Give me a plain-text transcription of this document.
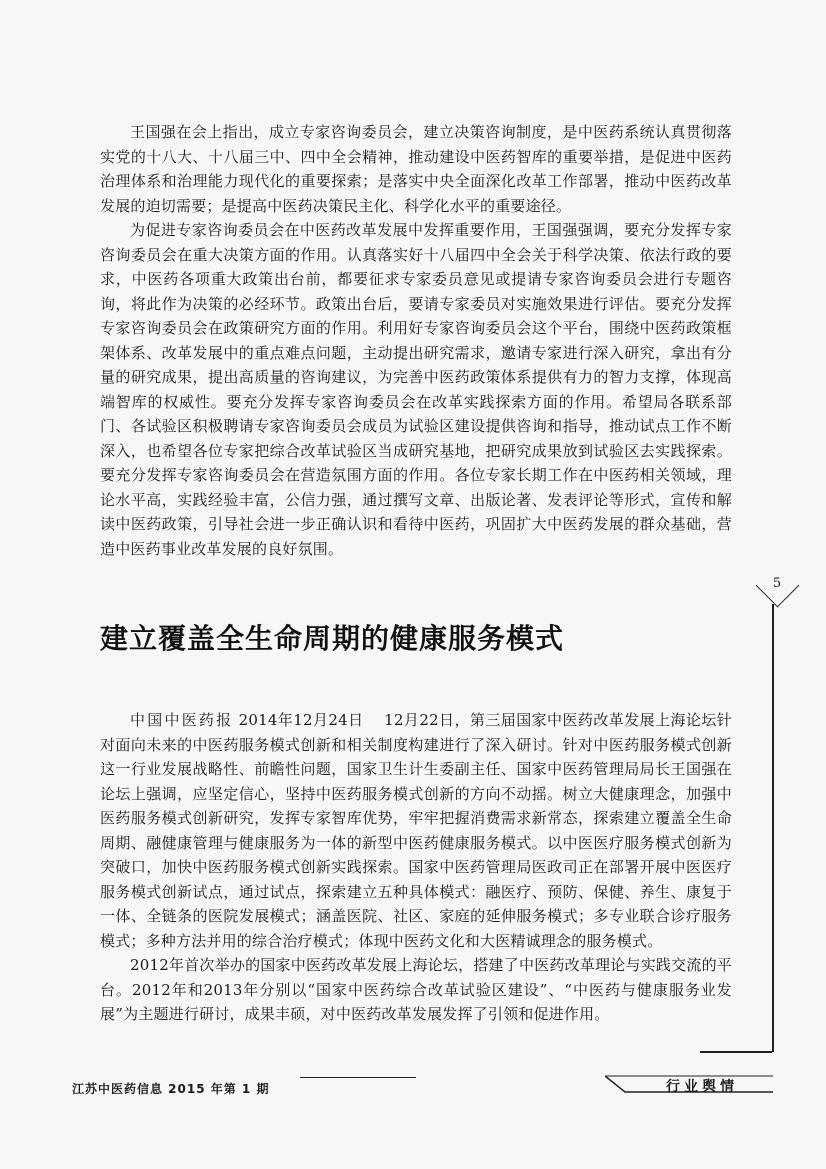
王国强在会上指出，成立专家咨询委员会，建立决策咨询制度，是中医药系统认真贯彻落实党的十八大、十八届三中、四中全会精神，推动建设中医药智库的重要举措，是促进中医药治理体系和治理能力现代化的重要探索；是落实中央全面深化改革工作部署，推动中医药改革发展的迫切需要；是提高中医药决策民主化、科学化水平的重要途径。

为促进专家咨询委员会在中医药改革发展中发挥重要作用，王国强强调，要充分发挥专家咨询委员会在重大决策方面的作用。认真落实好十八届四中全会关于科学决策、依法行政的要求，中医药各项重大政策出台前，都要征求专家委员意见或提请专家咨询委员会进行专题咨询，将此作为决策的必经环节。政策出台后，要请专家委员对实施效果进行评估。要充分发挥专家咨询委员会在政策研究方面的作用。利用好专家咨询委员会这个平台，围绕中医药政策框架体系、改革发展中的重点难点问题，主动提出研究需求，邀请专家进行深入研究，拿出有分量的研究成果，提出高质量的咨询建议，为完善中医药政策体系提供有力的智力支撑，体现高端智库的权威性。要充分发挥专家咨询委员会在改革实践探索方面的作用。希望局各联系部门、各试验区积极聘请专家咨询委员会成员为试验区建设提供咨询和指导，推动试点工作不断深入，也希望各位专家把综合改革试验区当成研究基地，把研究成果放到试验区去实践探索。要充分发挥专家咨询委员会在营造氛围方面的作用。各位专家长期工作在中医药相关领域，理论水平高，实践经验丰富，公信力强，通过撰写文章、出版论著、发表评论等形式，宣传和解读中医药政策，引导社会进一步正确认识和看待中医药，巩固扩大中医药发展的群众基础，营造中医药事业改革发展的良好氛围。

5
建立覆盖全生命周期的健康服务模式

中国中医药报 2014年12月24日　 12月22日，第三届国家中医药改革发展上海论坛针对面向未来的中医药服务模式创新和相关制度构建进行了深入研讨。针对中医药服务模式创新这一行业发展战略性、前瞻性问题，国家卫生计生委副主任、国家中医药管理局局长王国强在论坛上强调，应坚定信心，坚持中医药服务模式创新的方向不动摇。树立大健康理念，加强中医药服务模式创新研究，发挥专家智库优势，牢牢把握消费需求新常态，探索建立覆盖全生命周期、融健康管理与健康服务为一体的新型中医药健康服务模式。以中医医疗服务模式创新为突破口，加快中医药服务模式创新实践探索。国家中医药管理局医政司正在部署开展中医医疗服务模式创新试点，通过试点，探索建立五种具体模式：融医疗、预防、保健、养生、康复于一体、全链条的医院发展模式；涵盖医院、社区、家庭的延伸服务模式；多专业联合诊疗服务模式；多种方法并用的综合治疗模式；体现中医药文化和大医精诚理念的服务模式。

2012年首次举办的国家中医药改革发展上海论坛，搭建了中医药改革理论与实践交流的平台。2012年和2013年分别以“国家中医药综合改革试验区建设”、“中医药与健康服务业发展”为主题进行研讨，成果丰硕，对中医药改革发展发挥了引领和促进作用。

江苏中医药信息 2015 年第 1 期	行业舆情
